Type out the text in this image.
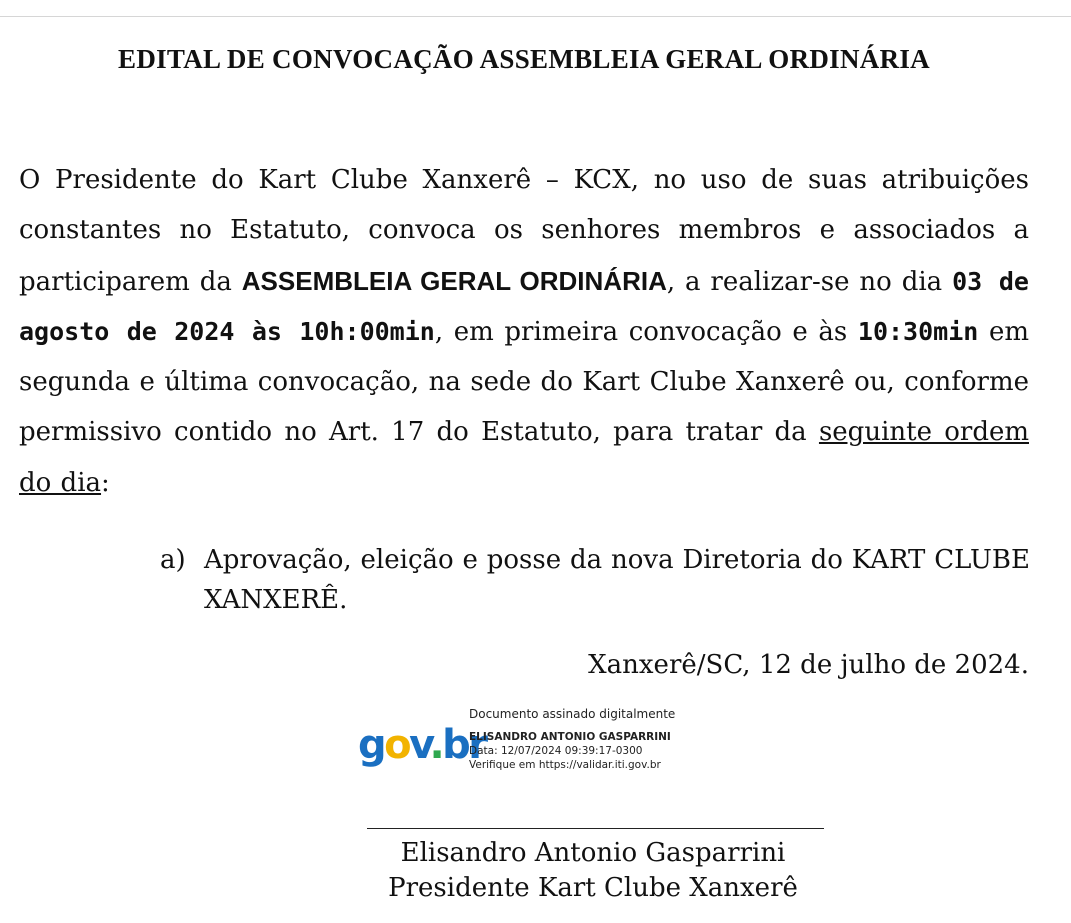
EDITAL DE CONVOCAÇÃO ASSEMBLEIA GERAL ORDINÁRIA
O Presidente do Kart Clube Xanxerê – KCX, no uso de suas atribuições constantes no Estatuto, convoca os senhores membros e associados a participarem da ASSEMBLEIA GERAL ORDINÁRIA, a realizar-se no dia 03 de agosto de 2024 às 10h:00min, em primeira convocação e às 10:30min em segunda e última convocação, na sede do Kart Clube Xanxerê ou, conforme permissivo contido no Art. 17 do Estatuto, para tratar da seguinte ordem do dia:
a) Aprovação, eleição e posse da nova Diretoria do KART CLUBE XANXERÊ.
Xanxerê/SC, 12 de julho de 2024.
gov.br
Documento assinado digitalmente
ELISANDRO ANTONIO GASPARRINI
Data: 12/07/2024 09:39:17-0300
Verifique em https://validar.iti.gov.br
Elisandro Antonio Gasparrini
Presidente Kart Clube Xanxerê
